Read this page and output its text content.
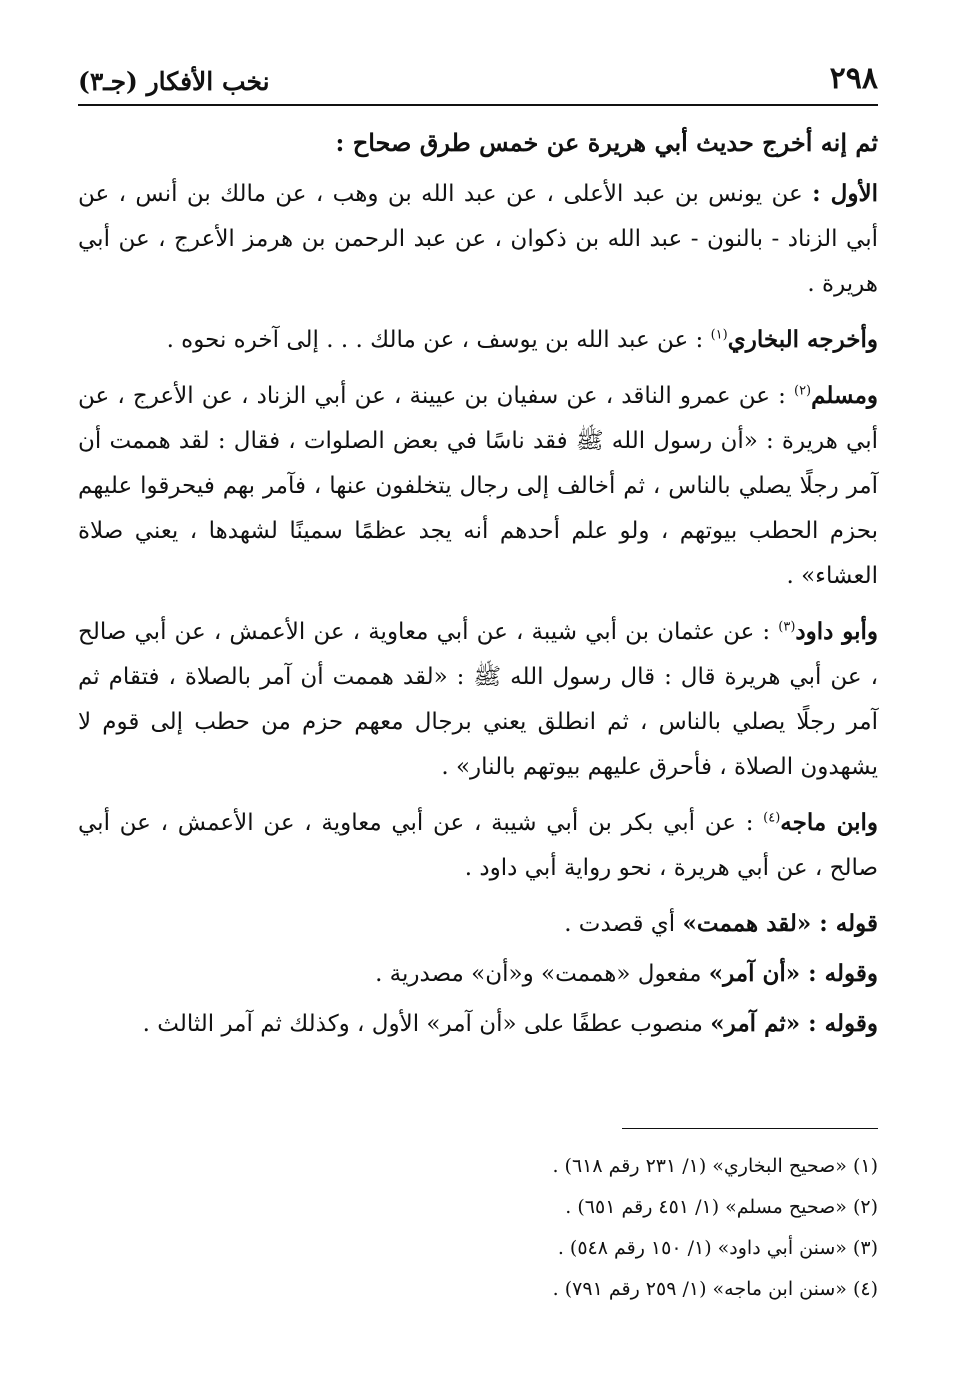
٢٩٨
نخب الأفكار (جـ٣)

ثم إنه أخرج حديث أبي هريرة عن خمس طرق صحاح :

الأول : عن يونس بن عبد الأعلى ، عن عبد الله بن وهب ، عن مالك بن أنس ، عن أبي الزناد - بالنون - عبد الله بن ذكوان ، عن عبد الرحمن بن هرمز الأعرج ، عن أبي هريرة .

وأخرجه البخاري$^{(١)}$ : عن عبد الله بن يوسف ، عن مالك . . . إلى آخره نحوه .

ومسلم$^{(٢)}$ : عن عمرو الناقد ، عن سفيان بن عيينة ، عن أبي الزناد ، عن الأعرج ، عن أبي هريرة : «أن رسول الله ﷺ فقد ناسًا في بعض الصلوات ، فقال : لقد هممت أن آمر رجلًا يصلي بالناس ، ثم أخالف إلى رجال يتخلفون عنها ، فآمر بهم فيحرقوا عليهم بحزم الحطب بيوتهم ، ولو علم أحدهم أنه يجد عظمًا سمينًا لشهدها ، يعني صلاة العشاء» .

وأبو داود$^{(٣)}$ : عن عثمان بن أبي شيبة ، عن أبي معاوية ، عن الأعمش ، عن أبي صالح ، عن أبي هريرة قال : قال رسول الله ﷺ : «لقد هممت أن آمر بالصلاة ، فتقام ثم آمر رجلًا يصلي بالناس ، ثم انطلق يعني برجال معهم حزم من حطب إلى قوم لا يشهدون الصلاة ، فأحرق عليهم بيوتهم بالنار» .

وابن ماجه$^{(٤)}$ : عن أبي بكر بن أبي شيبة ، عن أبي معاوية ، عن الأعمش ، عن أبي صالح ، عن أبي هريرة ، نحو رواية أبي داود .

قوله : «لقد هممت» أي قصدت .

وقوله : «أن آمر» مفعول «هممت» و«أن» مصدرية .

وقوله : «ثم آمر» منصوب عطفًا على «أن آمر» الأول ، وكذلك ثم آمر الثالث .

(١) «صحيح البخاري» (١/ ٢٣١ رقم ٦١٨) .

(٢) «صحيح مسلم» (١/ ٤٥١ رقم ٦٥١) .

(٣) «سنن أبي داود» (١/ ١٥٠ رقم ٥٤٨) .

(٤) «سنن ابن ماجه» (١/ ٢٥٩ رقم ٧٩١) .
